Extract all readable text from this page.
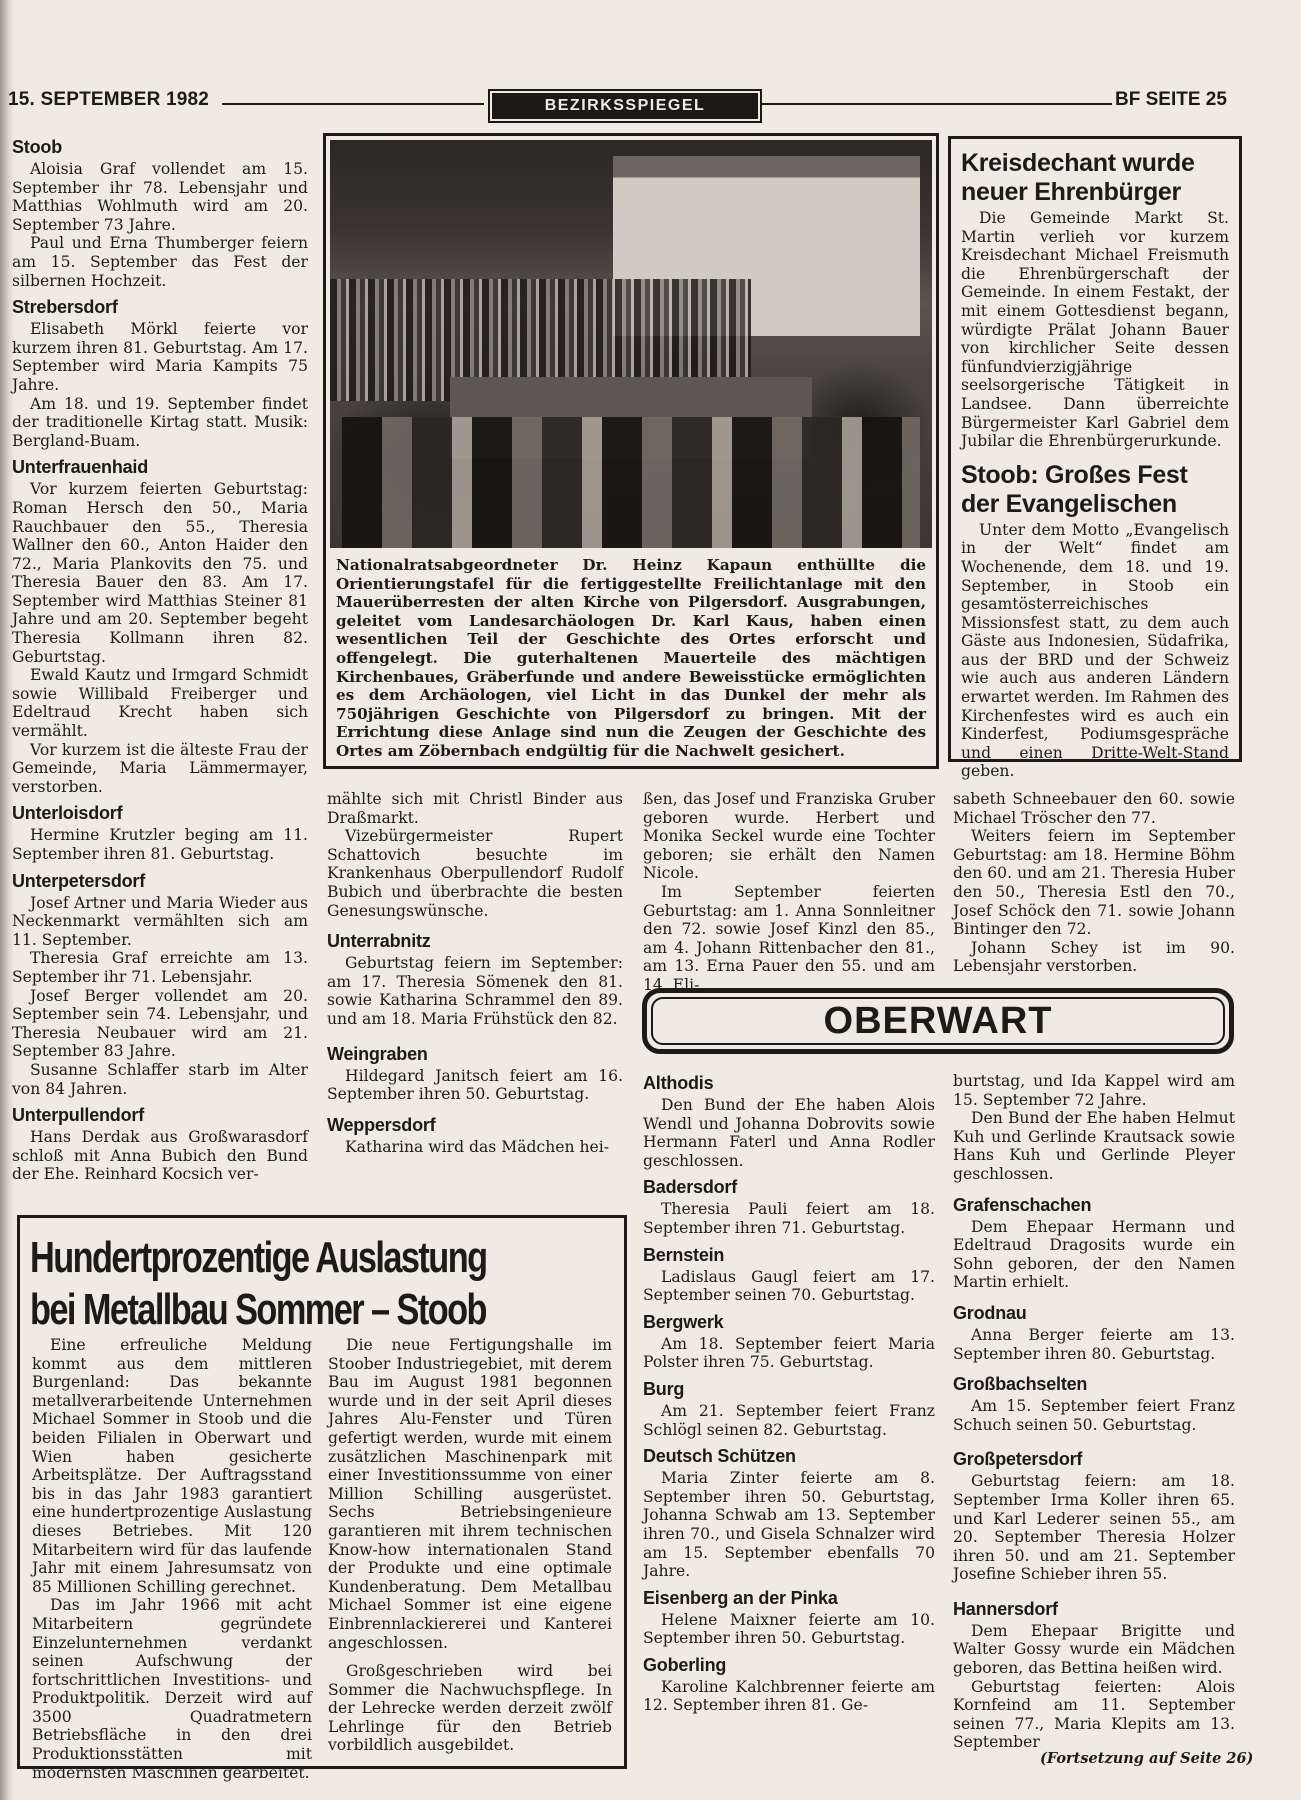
15. SEPTEMBER 1982	BEZIRKSSPIEGEL	BF SEITE 25
Stoob

Aloisia Graf vollendet am 15. September ihr 78. Lebensjahr und Matthias Wohlmuth wird am 20. September 73 Jahre.

Paul und Erna Thumberger feiern am 15. September das Fest der silbernen Hochzeit.

Strebersdorf

Elisabeth Mörkl feierte vor kurzem ihren 81. Geburtstag. Am 17. September wird Maria Kampits 75 Jahre.

Am 18. und 19. September findet der traditionelle Kirtag statt. Musik: Bergland-Buam.

Unterfrauenhaid

Vor kurzem feierten Geburtstag: Roman Hersch den 50., Maria Rauchbauer den 55., Theresia Wallner den 60., Anton Haider den 72., Maria Plankovits den 75. und Theresia Bauer den 83. Am 17. September wird Matthias Steiner 81 Jahre und am 20. September begeht Theresia Kollmann ihren 82. Geburtstag.

Ewald Kautz und Irmgard Schmidt sowie Willibald Freiberger und Edeltraud Krecht haben sich vermählt.

Vor kurzem ist die älteste Frau der Gemeinde, Maria Lämmermayer, verstorben.

Unterloisdorf

Hermine Krutzler beging am 11. September ihren 81. Geburtstag.

Unterpetersdorf

Josef Artner und Maria Wieder aus Neckenmarkt vermählten sich am 11. September.

Theresia Graf erreichte am 13. September ihr 71. Lebensjahr.

Josef Berger vollendet am 20. September sein 74. Lebensjahr, und Theresia Neubauer wird am 21. September 83 Jahre.

Susanne Schlaffer starb im Alter von 84 Jahren.

Unterpullendorf

Hans Derdak aus Großwarasdorf schloß mit Anna Bubich den Bund der Ehe. Reinhard Kocsich ver-

Nationalratsabgeordneter Dr. Heinz Kapaun enthüllte die Orientierungstafel für die fertiggestellte Freilichtanlage mit den Mauerüberresten der alten Kirche von Pilgersdorf. Ausgrabungen, geleitet vom Landesarchäologen Dr. Karl Kaus, haben einen wesentlichen Teil der Geschichte des Ortes erforscht und offengelegt. Die guterhaltenen Mauerteile des mächtigen Kirchenbaues, Gräberfunde und andere Beweisstücke ermöglichten es dem Archäologen, viel Licht in das Dunkel der mehr als 750jährigen Geschichte von Pilgersdorf zu bringen. Mit der Errichtung diese Anlage sind nun die Zeugen der Geschichte des Ortes am Zöbernbach endgültig für die Nachwelt gesichert.
Kreisdechant wurde neuer Ehrenbürger

Die Gemeinde Markt St. Martin verlieh vor kurzem Kreisdechant Michael Freismuth die Ehrenbürgerschaft der Gemeinde. In einem Festakt, der mit einem Gottesdienst begann, würdigte Prälat Johann Bauer von kirchlicher Seite dessen fünfundvierzigjährige seelsorgerische Tätigkeit in Landsee. Dann überreichte Bürgermeister Karl Gabriel dem Jubilar die Ehrenbürgerurkunde.

Stoob: Großes Fest der Evangelischen

Unter dem Motto „Evangelisch in der Welt“ findet am Wochenende, dem 18. und 19. September, in Stoob ein gesamtösterreichisches Missionsfest statt, zu dem auch Gäste aus Indonesien, Südafrika, aus der BRD und der Schweiz wie auch aus anderen Ländern erwartet werden. Im Rahmen des Kirchenfestes wird es auch ein Kinderfest, Podiumsgespräche und einen Dritte-Welt-Stand geben.

mählte sich mit Christl Binder aus Draßmarkt.

Vizebürgermeister Rupert Schattovich besuchte im Krankenhaus Oberpullendorf Rudolf Bubich und überbrachte die besten Genesungswünsche.

Unterrabnitz

Geburtstag feiern im September: am 17. Theresia Sömenek den 81. sowie Katharina Schrammel den 89. und am 18. Maria Frühstück den 82.

Weingraben

Hildegard Janitsch feiert am 16. September ihren 50. Geburtstag.

Weppersdorf

Katharina wird das Mädchen hei-

ßen, das Josef und Franziska Gruber geboren wurde. Herbert und Monika Seckel wurde eine Tochter geboren; sie erhält den Namen Nicole.

Im September feierten Geburtstag: am 1. Anna Sonnleitner den 72. sowie Josef Kinzl den 85., am 4. Johann Rittenbacher den 81., am 13. Erna Pauer den 55. und am 14. Eli-

sabeth Schneebauer den 60. sowie Michael Tröscher den 77.

Weiters feiern im September Geburtstag: am 18. Hermine Böhm den 60. und am 21. Theresia Huber den 50., Theresia Estl den 70., Josef Schöck den 71. sowie Johann Bintinger den 72.

Johann Schey ist im 90. Lebensjahr verstorben.

OBERWART
Althodis

Den Bund der Ehe haben Alois Wendl und Johanna Dobrovits sowie Hermann Faterl und Anna Rodler geschlossen.

Badersdorf

Theresia Pauli feiert am 18. September ihren 71. Geburtstag.

Bernstein

Ladislaus Gaugl feiert am 17. September seinen 70. Geburtstag.

Bergwerk

Am 18. September feiert Maria Polster ihren 75. Geburtstag.

Burg

Am 21. September feiert Franz Schlögl seinen 82. Geburtstag.

Deutsch Schützen

Maria Zinter feierte am 8. September ihren 50. Geburtstag, Johanna Schwab am 13. September ihren 70., und Gisela Schnalzer wird am 15. September ebenfalls 70 Jahre.

Eisenberg an der Pinka

Helene Maixner feierte am 10. September ihren 50. Geburtstag.

Goberling

Karoline Kalchbrenner feierte am 12. September ihren 81. Ge-

burtstag, und Ida Kappel wird am 15. September 72 Jahre.

Den Bund der Ehe haben Helmut Kuh und Gerlinde Krautsack sowie Hans Kuh und Gerlinde Pleyer geschlossen.

Grafenschachen

Dem Ehepaar Hermann und Edeltraud Dragosits wurde ein Sohn geboren, der den Namen Martin erhielt.

Grodnau

Anna Berger feierte am 13. September ihren 80. Geburtstag.

Großbachselten

Am 15. September feiert Franz Schuch seinen 50. Geburtstag.

Großpetersdorf

Geburtstag feiern: am 18. September Irma Koller ihren 65. und Karl Lederer seinen 55., am 20. September Theresia Holzer ihren 50. und am 21. September Josefine Schieber ihren 55.

Hannersdorf

Dem Ehepaar Brigitte und Walter Gossy wurde ein Mädchen geboren, das Bettina heißen wird.

Geburtstag feierten: Alois Kornfeind am 11. September seinen 77., Maria Klepits am 13. September

(Fortsetzung auf Seite 26)
Hundertprozentige Auslastung
bei Metallbau Sommer – Stoob

Eine erfreuliche Meldung kommt aus dem mittleren Burgenland: Das bekannte metallverarbeitende Unternehmen Michael Sommer in Stoob und die beiden Filialen in Oberwart und Wien haben gesicherte Arbeitsplätze. Der Auftragsstand bis in das Jahr 1983 garantiert eine hundertprozentige Auslastung dieses Betriebes. Mit 120 Mitarbeitern wird für das laufende Jahr mit einem Jahresumsatz von 85 Millionen Schilling gerechnet.

Das im Jahr 1966 mit acht Mitarbeitern gegründete Einzelunternehmen verdankt seinen Aufschwung der fortschrittlichen Investitions- und Produktpolitik. Derzeit wird auf 3500 Quadratmetern Betriebsfläche in den drei Produktionsstätten mit modernsten Maschinen gearbeitet.

Die neue Fertigungshalle im Stoober Industriegebiet, mit derem Bau im August 1981 begonnen wurde und in der seit April dieses Jahres Alu-Fenster und Türen gefertigt werden, wurde mit einem zusätzlichen Maschinenpark mit einer Investitionssumme von einer Million Schilling ausgerüstet. Sechs Betriebsingenieure garantieren mit ihrem technischen Know-how internationalen Stand der Produkte und eine optimale Kundenberatung. Dem Metallbau Michael Sommer ist eine eigene Einbrennlackiererei und Kanterei angeschlossen.

Großgeschrieben wird bei Sommer die Nachwuchspflege. In der Lehrecke werden derzeit zwölf Lehrlinge für den Betrieb vorbildlich ausgebildet.
